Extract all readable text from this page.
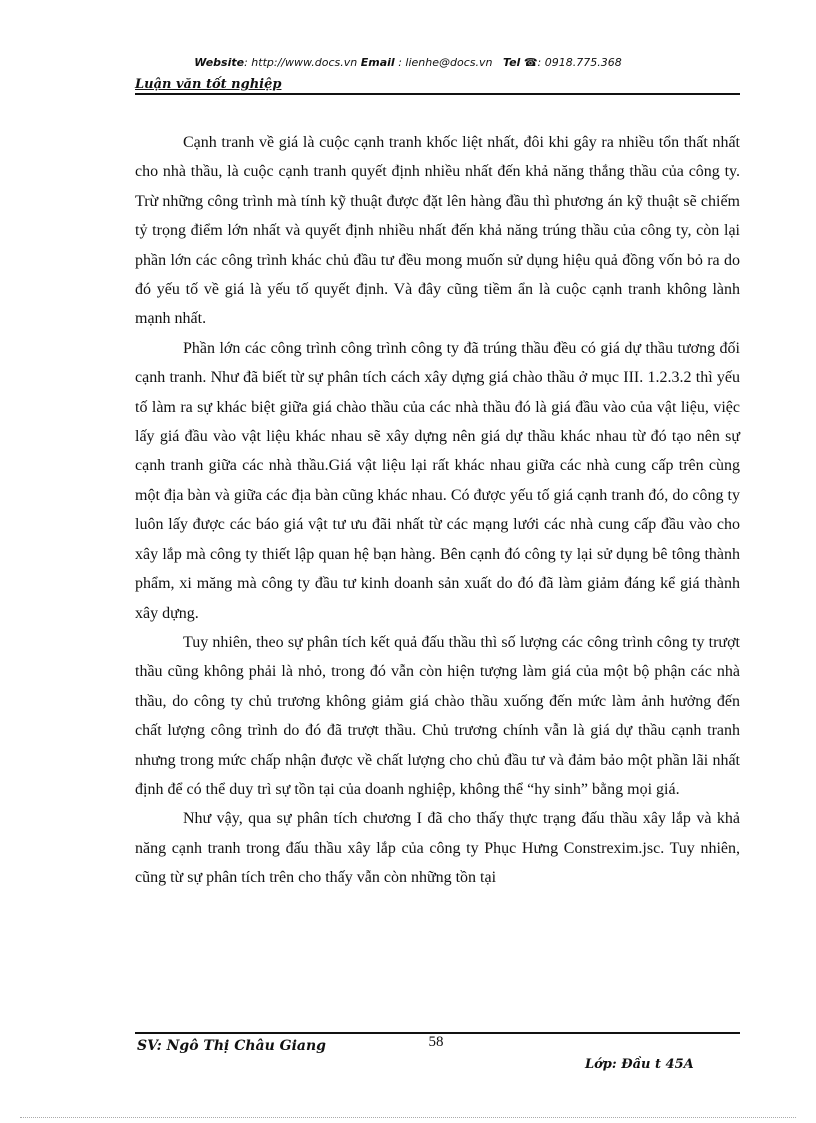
Website: http://www.docs.vn Email : lienhe@docs.vn Tel ☎: 0918.775.368
Luận văn tốt nghiệp

Cạnh tranh về giá là cuộc cạnh tranh khốc liệt nhất, đôi khi gây ra nhiều tổn thất nhất cho nhà thầu, là cuộc cạnh tranh quyết định nhiều nhất đến khả năng thắng thầu của công ty. Trừ những công trình mà tính kỹ thuật được đặt lên hàng đầu thì phương án kỹ thuật sẽ chiếm tỷ trọng điểm lớn nhất và quyết định nhiều nhất đến khả năng trúng thầu của công ty, còn lại phần lớn các công trình khác chủ đầu tư đều mong muốn sử dụng hiệu quả đồng vốn bỏ ra do đó yếu tố về giá là yếu tố quyết định. Và đây cũng tiềm ẩn là cuộc cạnh tranh không lành mạnh nhất.

Phần lớn các công trình công trình công ty đã trúng thầu đều có giá dự thầu tương đối cạnh tranh. Như đã biết từ sự phân tích cách xây dựng giá chào thầu ở mục III. 1.2.3.2 thì yếu tố làm ra sự khác biệt giữa giá chào thầu của các nhà thầu đó là giá đầu vào của vật liệu, việc lấy giá đầu vào vật liệu khác nhau sẽ xây dựng nên giá dự thầu khác nhau từ đó tạo nên sự cạnh tranh giữa các nhà thầu.Giá vật liệu lại rất khác nhau giữa các nhà cung cấp trên cùng một địa bàn và giữa các địa bàn cũng khác nhau. Có được yếu tố giá cạnh tranh đó, do công ty luôn lấy được các báo giá vật tư ưu đãi nhất từ các mạng lưới các nhà cung cấp đầu vào cho xây lắp mà công ty thiết lập quan hệ bạn hàng. Bên cạnh đó công ty lại sử dụng bê tông thành phẩm, xi măng mà công ty đầu tư kinh doanh sản xuất do đó đã làm giảm đáng kể giá thành xây dựng.

Tuy nhiên, theo sự phân tích kết quả đấu thầu thì số lượng các công trình công ty trượt thầu cũng không phải là nhỏ, trong đó vẫn còn hiện tượng làm giá của một bộ phận các nhà thầu, do công ty chủ trương không giảm giá chào thầu xuống đến mức làm ảnh hưởng đến chất lượng công trình do đó đã trượt thầu. Chủ trương chính vẫn là giá dự thầu cạnh tranh nhưng trong mức chấp nhận được về chất lượng cho chủ đầu tư và đảm bảo một phần lãi nhất định để có thể duy trì sự tồn tại của doanh nghiệp, không thể “hy sinh” bằng mọi giá.

Như vậy, qua sự phân tích chương I đã cho thấy thực trạng đấu thầu xây lắp và khả năng cạnh tranh trong đấu thầu xây lắp của công ty Phục Hưng Constrexim.jsc. Tuy nhiên, cũng từ sự phân tích trên cho thấy vẫn còn những tồn tại

SV: Ngô Thị Châu Giang	58
Lớp: Đầu t 45A
